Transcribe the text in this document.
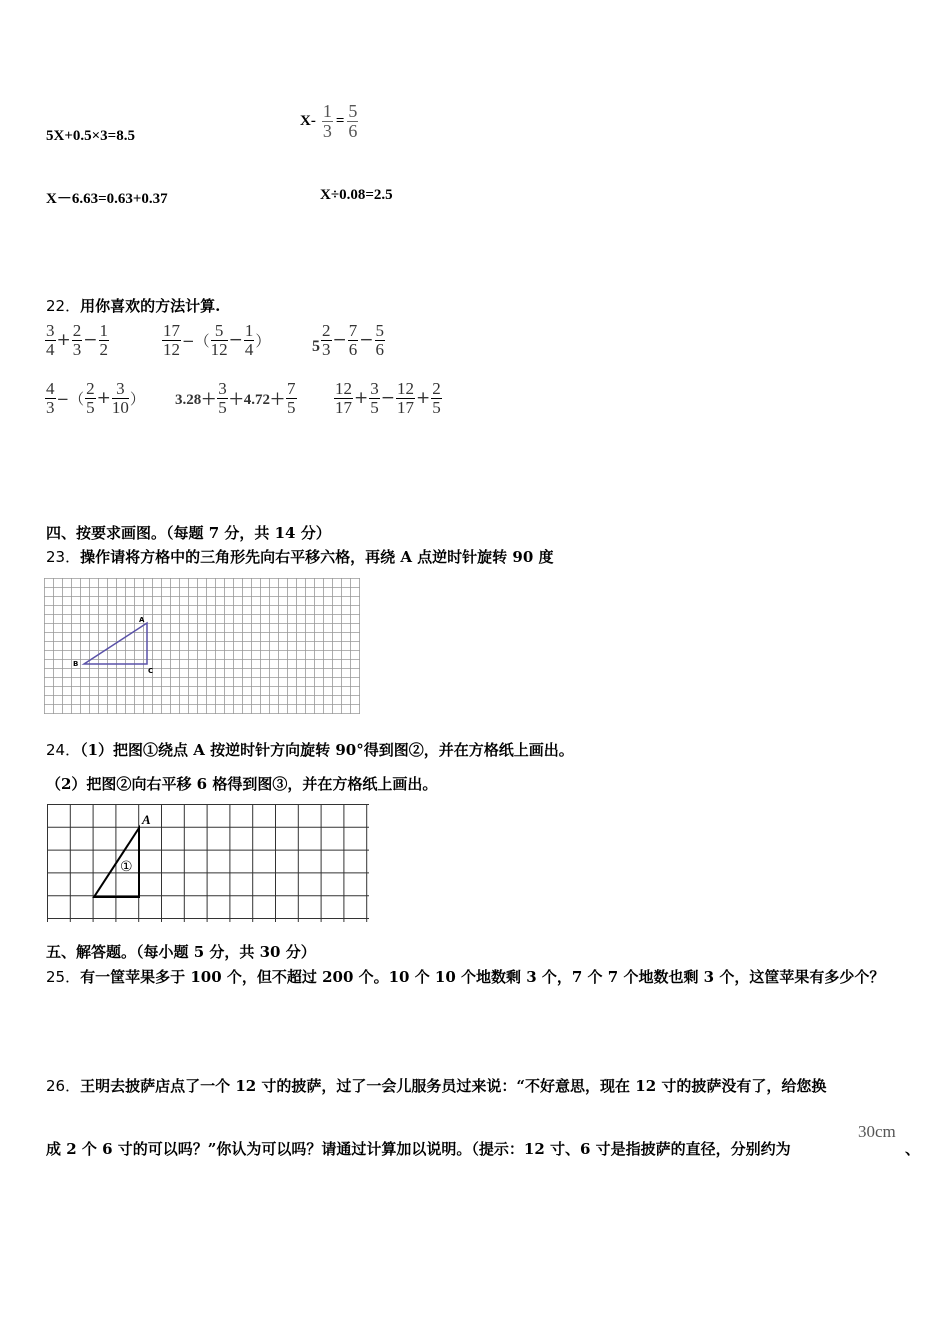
5X+0.5×3=8.5
$X- \frac{1}{3} = \frac{5}{6}$
X－6.63=0.63+0.37	X÷0.08=2.5
22．用你喜欢的方法计算.
$\frac{3}{4} + \frac{2}{3} - \frac{1}{2}$	$\frac{17}{12}$ −（ $\frac{5}{12} - \frac{1}{4}$ ）	$5 \frac{2}{3} - \frac{7}{6} - \frac{5}{6}$
$\frac{4}{3}$ −（ $\frac{2}{5} + \frac{3}{10}$ ） $3.28+ \frac{3}{5} +4.72+ \frac{7}{5} \frac{12}{17} + \frac{3}{5} - \frac{12}{17} + \frac{2}{5}$
四、按要求画图。（每题 7 分，共 14 分）
23．操作请将方格中的三角形先向右平移六格，再绕 A 点逆时针旋转 90 度
A
B
C
24．（1）把图①绕点 A 按逆时针方向旋转 90°得到图②，并在方格纸上画出。
（2）把图②向右平移 6 格得到图③，并在方格纸上画出。
A
①
五、解答题。（每小题 5 分，共 30 分）
25．有一筐苹果多于 100 个，但不超过 200 个。10 个 10 个地数剩 3 个，7 个 7 个地数也剩 3 个，这筐苹果有多少个？
26．王明去披萨店点了一个 12 寸的披萨，过了一会儿服务员过来说：“不好意思，现在 12 寸的披萨没有了，给您换
成 2 个 6 寸的可以吗？”你认为可以吗？请通过计算加以说明。（提示：12 寸、6 寸是指披萨的直径，分别约为
30cm
、
